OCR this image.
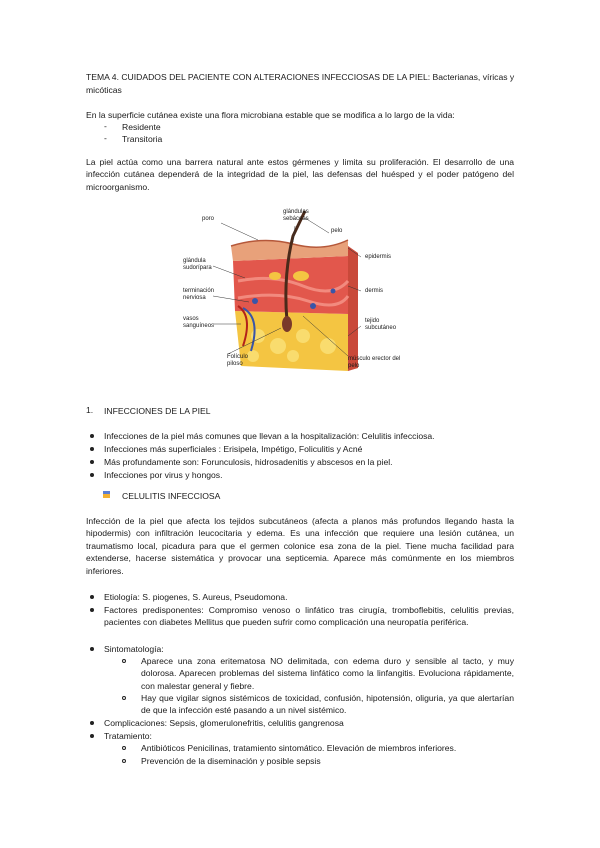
TEMA 4. CUIDADOS DEL PACIENTE CON ALTERACIONES INFECCIOSAS DE LA PIEL: Bacterianas, víricas y micóticas
En la superficie cutánea existe una flora microbiana estable que se modifica a lo largo de la vida:
- Residente
- Transitoria
La piel actúa como una barrera natural ante estos gérmenes y limita su proliferación. El desarrollo de una infección cutánea dependerá de la integridad de la piel, las defensas del huésped y el poder patógeno del microorganismo.
poro
glándulas sebáceas
pelo
epidermis
dermis
tejido subcutáneo
glándula sudorípara
terminación nerviosa
vasos sanguíneos
Folículo piloso
músculo erector del pelo
1. INFECCIONES DE LA PIEL
Infecciones de la piel más comunes que llevan a la hospitalización: Celulitis infecciosa.
Infecciones más superficiales : Erisipela, Impétigo, Foliculitis y Acné
Más profundamente son: Forunculosis, hidrosadenitis y abscesos en la piel.
Infecciones por virus y hongos.
CELULITIS INFECCIOSA
Infección de la piel que afecta los tejidos subcutáneos (afecta a planos más profundos llegando hasta la hipodermis) con infiltración leucocitaria y edema. Es una infección que requiere una lesión cutánea, un traumatismo local, picadura para que el germen colonice esa zona de la piel. Tiene mucha facilidad para extenderse, hacerse sistemática y provocar una septicemia. Aparece más comúnmente en los miembros inferiores.
Etiología: S. piogenes, S. Aureus, Pseudomona.
Factores predisponentes: Compromiso venoso o linfático tras cirugía, tromboflebitis, celulitis previas, pacientes con diabetes Mellitus que pueden sufrir como complicación una neuropatía periférica.
Sintomatología:
Aparece una zona eritematosa NO delimitada, con edema duro y sensible al tacto, y muy dolorosa. Aparecen problemas del sistema linfático como la linfangitis. Evoluciona rápidamente, con malestar general y fiebre.
Hay que vigilar signos sistémicos de toxicidad, confusión, hipotensión, oliguria, ya que alertarían de que la infección esté pasando a un nivel sistémico.
Complicaciones: Sepsis, glomerulonefritis, celulitis gangrenosa
Tratamiento:
Antibióticos Penicilinas, tratamiento sintomático. Elevación de miembros inferiores.
Prevención de la diseminación y posible sepsis
